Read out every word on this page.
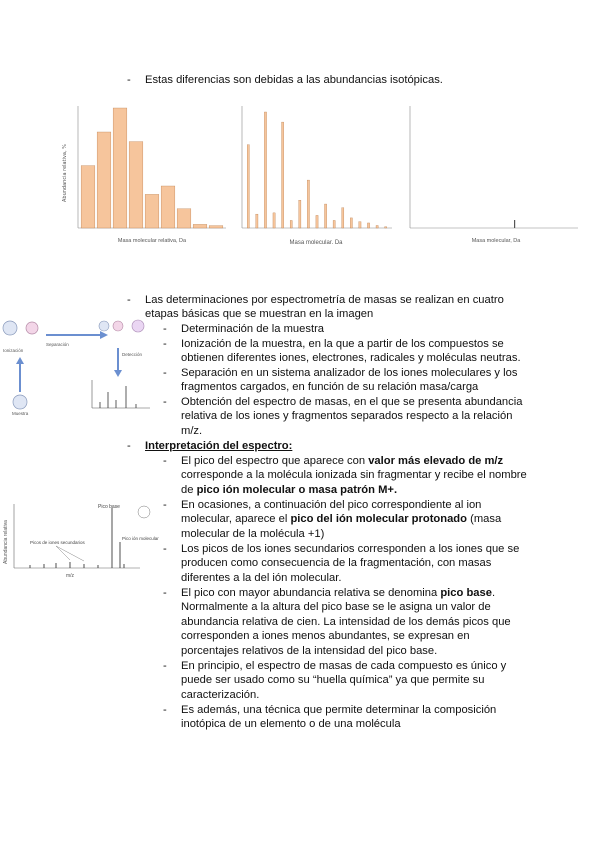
-	Estas diferencias son debidas a las abundancias isotópicas.
Abundancia relativa, %
Masa molecular relativa, Da	Masa molecular, Da	Masa molecular, Da
-	Las determinaciones por espectrometría de masas se realizan en cuatro
etapas básicas que se muestran en la imagen
-	Determinación de la muestra
-	Ionización de la muestra, en la que a partir de los compuestos se
obtienen diferentes iones, electrones, radicales y moléculas neutras.
-	Separación en un sistema analizador de los iones moleculares y los
fragmentos cargados, en función de su relación masa/carga
-	Obtención del espectro de masas, en el que se presenta abundancia
relativa de los iones y fragmentos separados respecto a la relación
m/z.
Ionización
Muestra
Separación
Detección
-	Interpretación del espectro:
-	El pico del espectro que aparece con valor más elevado de m/z
corresponde a la molécula ionizada sin fragmentar y recibe el nombre
de pico ión molecular o masa patrón M+.
-	En ocasiones, a continuación del pico correspondiente al ion
molecular, aparece el pico del ión molecular protonado (masa
molecular de la molécula +1)
-	Los picos de los iones secundarios corresponden a los iones que se
producen como consecuencia de la fragmentación, con masas
diferentes a la del ión molecular.
-	El pico con mayor abundancia relativa se denomina pico base.
Normalmente a la altura del pico base se le asigna un valor de
abundancia relativa de cien. La intensidad de los demás picos que
corresponden a iones menos abundantes, se expresan en
porcentajes relativos de la intensidad del pico base.
-	En principio, el espectro de masas de cada compuesto es único y
puede ser usado como su “huella química” ya que permite su
caracterización.
-	Es además, una técnica que permite determinar la composición
inotópica de un elemento o de una molécula
Abundancia relativa
m/z
Pico base
Picos de iones secundarios
Pico ión molecular
